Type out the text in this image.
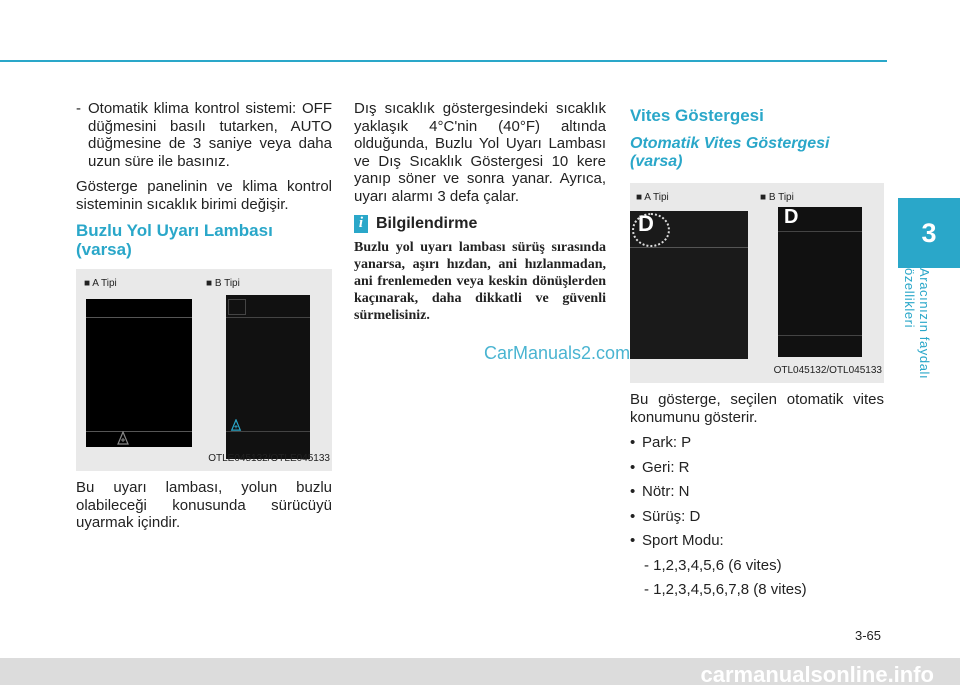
3
Aracınızın faydalı özellikleri

- Otomatik klima kontrol sistemi: OFF düğmesini basılı tutarken, AUTO düğmesine de 3 saniye veya daha uzun süre ile basınız.

Gösterge panelinin ve klima kontrol sisteminin sıcaklık birimi değişir.

Buzlu Yol Uyarı Lambası (varsa)
■ A Tipi	■ B Tipi
OTLE045132/OTLE045133

Bu uyarı lambası, yolun buzlu olabileceği konusunda sürücüyü uyarmak içindir.

Dış sıcaklık göstergesindeki sıcaklık yaklaşık 4°C'nin (40°F) altında olduğunda, Buzlu Yol Uyarı Lambası ve Dış Sıcaklık Göstergesi 10 kere yanıp söner ve sonra yanar. Ayrıca, uyarı alarmı 3 defa çalar.

i Bilgilendirme

Buzlu yol uyarı lambası sürüş sırasında yanarsa, aşırı hızdan, ani hızlanmadan, ani frenlemeden veya keskin dönüşlerden kaçınarak, daha dikkatli ve güvenli sürmelisiniz.

CarManuals2.com
Vites Göstergesi
Otomatik Vites Göstergesi (varsa)
■ A Tipi	■ B Tipi
D	D
OTL045132/OTL045133

Bu gösterge, seçilen otomatik vites konumunu gösterir.

• Park: P
• Geri: R
• Nötr: N
• Sürüş: D
• Sport Modu:
- 1,2,3,4,5,6 (6 vites)
- 1,2,3,4,5,6,7,8 (8 vites)
3-65
carmanualsonline.info
